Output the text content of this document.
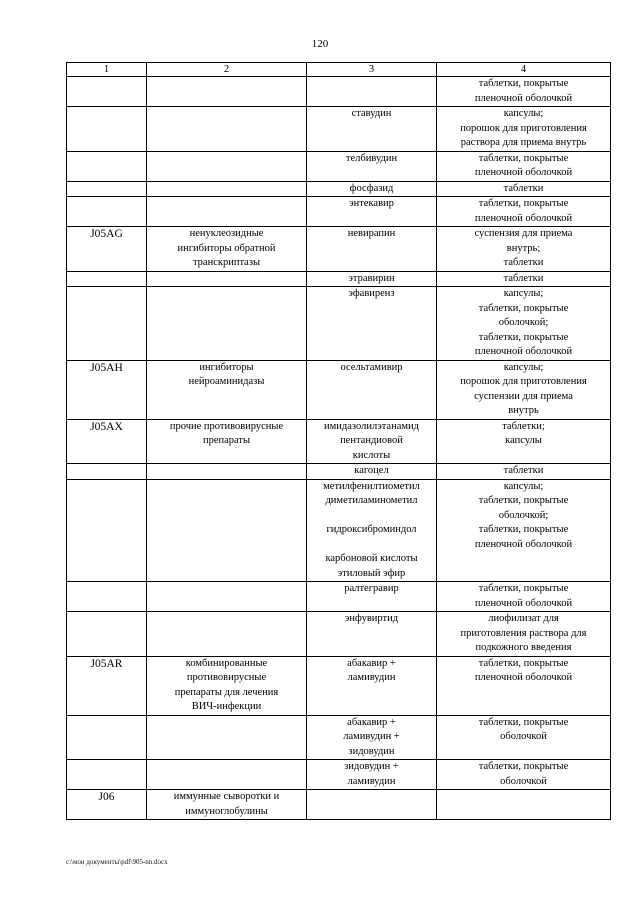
120
1	2	3	4

			таблетки, покрытые
пленочной оболочкой

		ставудин	капсулы;
порошок для приготовления
раствора для приема внутрь

		телбивудин	таблетки, покрытые
пленочной оболочкой

		фосфазид	таблетки

		энтекавир	таблетки, покрытые
пленочной оболочкой

J05AG	ненуклеозидные
ингибиторы обратной
транскриптазы	невирапин	суспензия для приема
внутрь;
таблетки

		этравирин	таблетки

		эфавиренз	капсулы;
таблетки, покрытые
оболочкой;
таблетки, покрытые
пленочной оболочкой

J05AH	ингибиторы
нейроаминидазы	осельтамивир	капсулы;
порошок для приготовления
суспензии для приема
внутрь

J05AX	прочие противовирусные
препараты	имидазолилэтанамид
пентандиовой
кислоты	таблетки;
капсулы

		кагоцел	таблетки

		метилфенилтиометил
диметиламинометил

гидроксиброминдол

карбоновой кислоты
этиловый эфир	капсулы;
таблетки, покрытые
оболочкой;
таблетки, покрытые
пленочной оболочкой

		ралтегравир	таблетки, покрытые
пленочной оболочкой

		энфувиртид	лиофилизат для
приготовления раствора для
подкожного введения

J05AR	комбинированные
противовирусные
препараты для лечения
ВИЧ-инфекции	абакавир +
ламивудин	таблетки, покрытые
пленочной оболочкой

		абакавир +
ламивудин +
зидовудин	таблетки, покрытые
оболочкой

		зидовудин +
ламивудин	таблетки, покрытые
оболочкой

J06	иммунные сыворотки и
иммуноглобулины		

c:\мои документы\pdf\905-nn.docx
